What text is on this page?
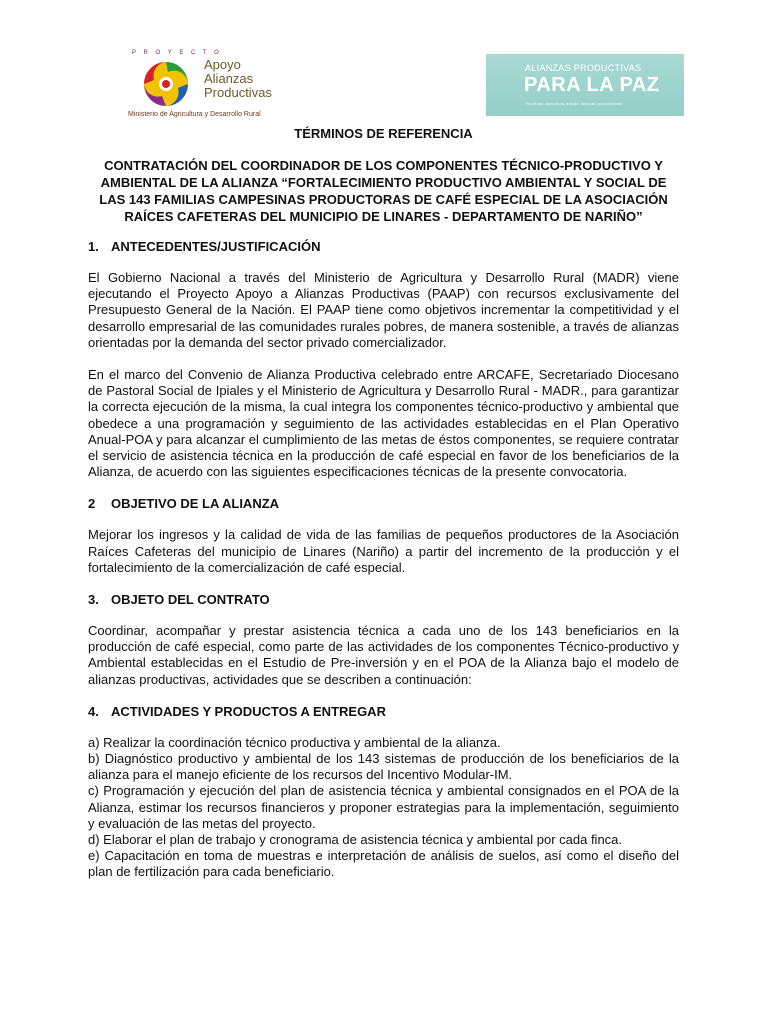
P R O Y E C T O
Apoyo
Alianzas
Productivas
Ministerio de Agricultura y Desarrollo Rural
ALIANZAS PRODUCTIVAS
PARA LA PAZ
Ruralidad, agricultura, trabajo, alianzas, productividad

TÉRMINOS DE REFERENCIA

CONTRATACIÓN DEL COORDINADOR DE LOS COMPONENTES TÉCNICO-PRODUCTIVO Y AMBIENTAL DE LA ALIANZA “FORTALECIMIENTO PRODUCTIVO AMBIENTAL Y SOCIAL DE LAS 143 FAMILIAS CAMPESINAS PRODUCTORAS DE CAFÉ ESPECIAL DE LA ASOCIACIÓN RAÍCES CAFETERAS DEL MUNICIPIO DE LINARES - DEPARTAMENTO DE NARIÑO”

1. ANTECEDENTES/JUSTIFICACIÓN

El Gobierno Nacional a través del Ministerio de Agricultura y Desarrollo Rural (MADR) viene ejecutando el Proyecto Apoyo a Alianzas Productivas (PAAP) con recursos exclusivamente del Presupuesto General de la Nación. El PAAP tiene como objetivos incrementar la competitividad y el desarrollo empresarial de las comunidades rurales pobres, de manera sostenible, a través de alianzas orientadas por la demanda del sector privado comercializador.

En el marco del Convenio de Alianza Productiva celebrado entre ARCAFE, Secretariado Diocesano de Pastoral Social de Ipiales y el Ministerio de Agricultura y Desarrollo Rural - MADR., para garantizar la correcta ejecución de la misma, la cual integra los componentes técnico-productivo y ambiental que obedece a una programación y seguimiento de las actividades establecidas en el Plan Operativo Anual-POA y para alcanzar el cumplimiento de las metas de éstos componentes, se requiere contratar el servicio de asistencia técnica en la producción de café especial en favor de los beneficiarios de la Alianza, de acuerdo con las siguientes especificaciones técnicas de la presente convocatoria.

2	OBJETIVO DE LA ALIANZA

Mejorar los ingresos y la calidad de vida de las familias de pequeños productores de la Asociación Raíces Cafeteras del municipio de Linares (Nariño) a partir del incremento de la producción y el fortalecimiento de la comercialización de café especial.

3. OBJETO DEL CONTRATO

Coordinar, acompañar y prestar asistencia técnica a cada uno de los 143 beneficiarios en la producción de café especial, como parte de las actividades de los componentes Técnico-productivo y Ambiental establecidas en el Estudio de Pre-inversión y en el POA de la Alianza bajo el modelo de alianzas productivas, actividades que se describen a continuación:

4. ACTIVIDADES Y PRODUCTOS A ENTREGAR

a) Realizar la coordinación técnico productiva y ambiental de la alianza.

b) Diagnóstico productivo y ambiental de los 143 sistemas de producción de los beneficiarios de la alianza para el manejo eficiente de los recursos del Incentivo Modular-IM.

c) Programación y ejecución del plan de asistencia técnica y ambiental consignados en el POA de la Alianza, estimar los recursos financieros y proponer estrategias para la implementación, seguimiento y evaluación de las metas del proyecto.

d) Elaborar el plan de trabajo y cronograma de asistencia técnica y ambiental por cada finca.

e) Capacitación en toma de muestras e interpretación de análisis de suelos, así como el diseño del plan de fertilización para cada beneficiario.
